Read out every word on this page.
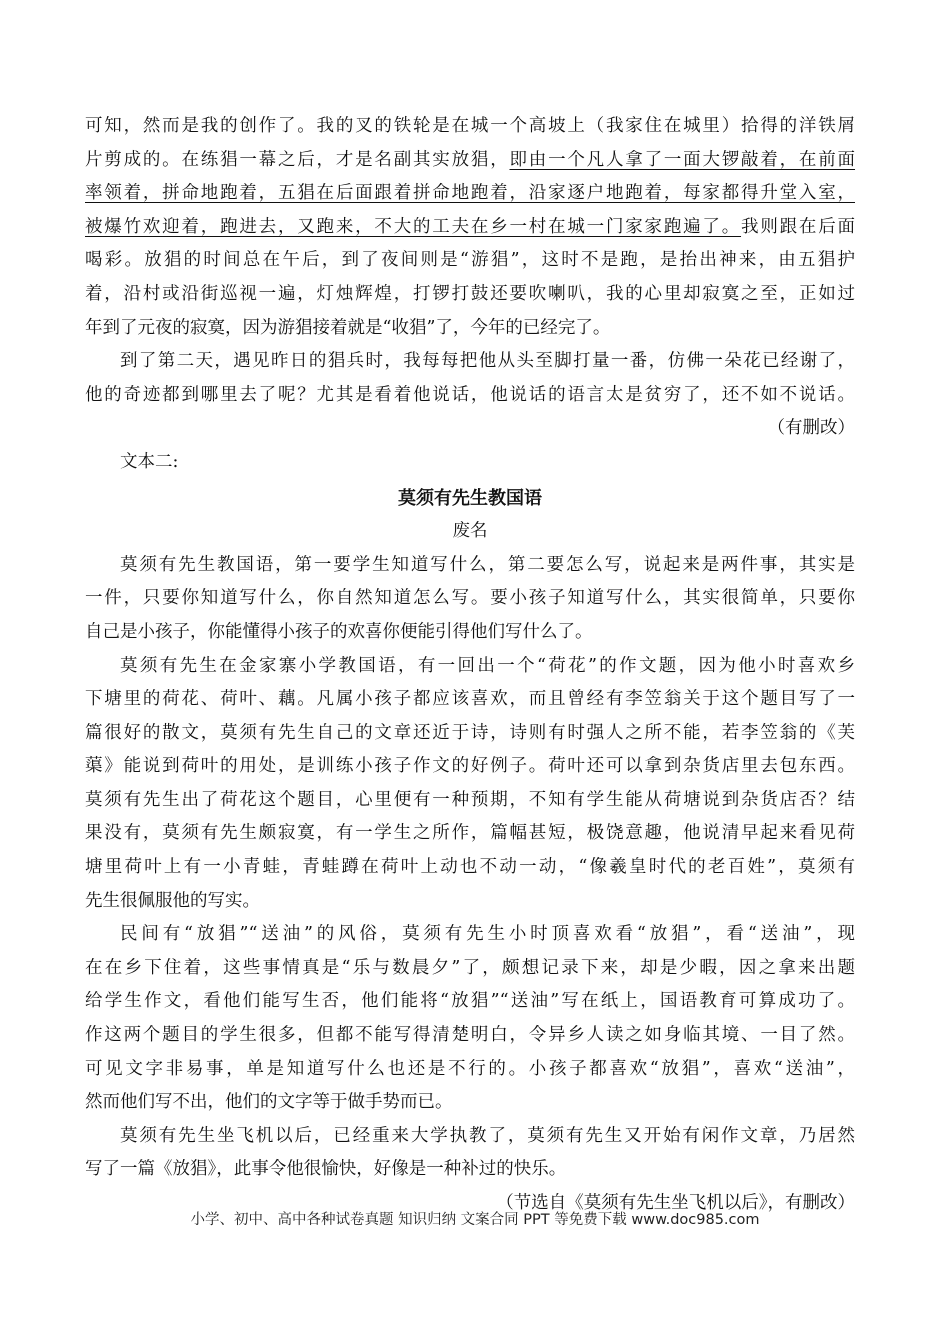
可知，然而是我的创作了。我的叉的铁轮是在城一个高坡上（我家住在城里）拾得的洋铁屑
片剪成的。在练猖一幕之后，才是名副其实放猖，即由一个凡人拿了一面大锣敲着，在前面
率领着，拼命地跑着，五猖在后面跟着拼命地跑着，沿家逐户地跑着，每家都得升堂入室，
被爆竹欢迎着，跑进去，又跑来，不大的工夫在乡一村在城一门家家跑遍了。我则跟在后面
喝彩。放猖的时间总在午后，到了夜间则是“游猖”，这时不是跑，是抬出神来，由五猖护
着，沿村或沿街巡视一遍，灯烛辉煌，打锣打鼓还要吹喇叭，我的心里却寂寞之至，正如过
年到了元夜的寂寞，因为游猖接着就是“收猖”了，今年的已经完了。
到了第二天，遇见昨日的猖兵时，我每每把他从头至脚打量一番，仿佛一朵花已经谢了，
他的奇迹都到哪里去了呢？尤其是看着他说话，他说话的语言太是贫穷了，还不如不说话。
（有删改）
文本二:
莫须有先生教国语
废名
莫须有先生教国语，第一要学生知道写什么，第二要怎么写，说起来是两件事，其实是
一件，只要你知道写什么，你自然知道怎么写。要小孩子知道写什么，其实很简单，只要你
自己是小孩子，你能懂得小孩子的欢喜你便能引得他们写什么了。
莫须有先生在金家寨小学教国语，有一回出一个“荷花”的作文题，因为他小时喜欢乡
下塘里的荷花、荷叶、藕。凡属小孩子都应该喜欢，而且曾经有李笠翁关于这个题目写了一
篇很好的散文，莫须有先生自己的文章还近于诗，诗则有时强人之所不能，若李笠翁的《芙
蕖》能说到荷叶的用处，是训练小孩子作文的好例子。荷叶还可以拿到杂货店里去包东西。
莫须有先生出了荷花这个题目，心里便有一种预期，不知有学生能从荷塘说到杂货店否？结
果没有，莫须有先生颇寂寞，有一学生之所作，篇幅甚短，极饶意趣，他说清早起来看见荷
塘里荷叶上有一小青蛙，青蛙蹲在荷叶上动也不动一动，“像羲皇时代的老百姓”，莫须有
先生很佩服他的写实。
民间有“放猖”“送油”的风俗，莫须有先生小时顶喜欢看“放猖”，看“送油”，现
在在乡下住着，这些事情真是“乐与数晨夕”了，颇想记录下来，却是少暇，因之拿来出题
给学生作文，看他们能写生否，他们能将“放猖”“送油”写在纸上，国语教育可算成功了。
作这两个题目的学生很多，但都不能写得清楚明白，令异乡人读之如身临其境、一目了然。
可见文字非易事，单是知道写什么也还是不行的。小孩子都喜欢“放猖”，喜欢“送油”，
然而他们写不出，他们的文字等于做手势而已。
莫须有先生坐飞机以后，已经重来大学执教了，莫须有先生又开始有闲作文章，乃居然
写了一篇《放猖》，此事令他很愉快，好像是一种补过的快乐。
（节选自《莫须有先生坐飞机以后》，有删改）
小学、初中、高中各种试卷真题 知识归纳 文案合同 PPT 等免费下载 www.doc985.com
